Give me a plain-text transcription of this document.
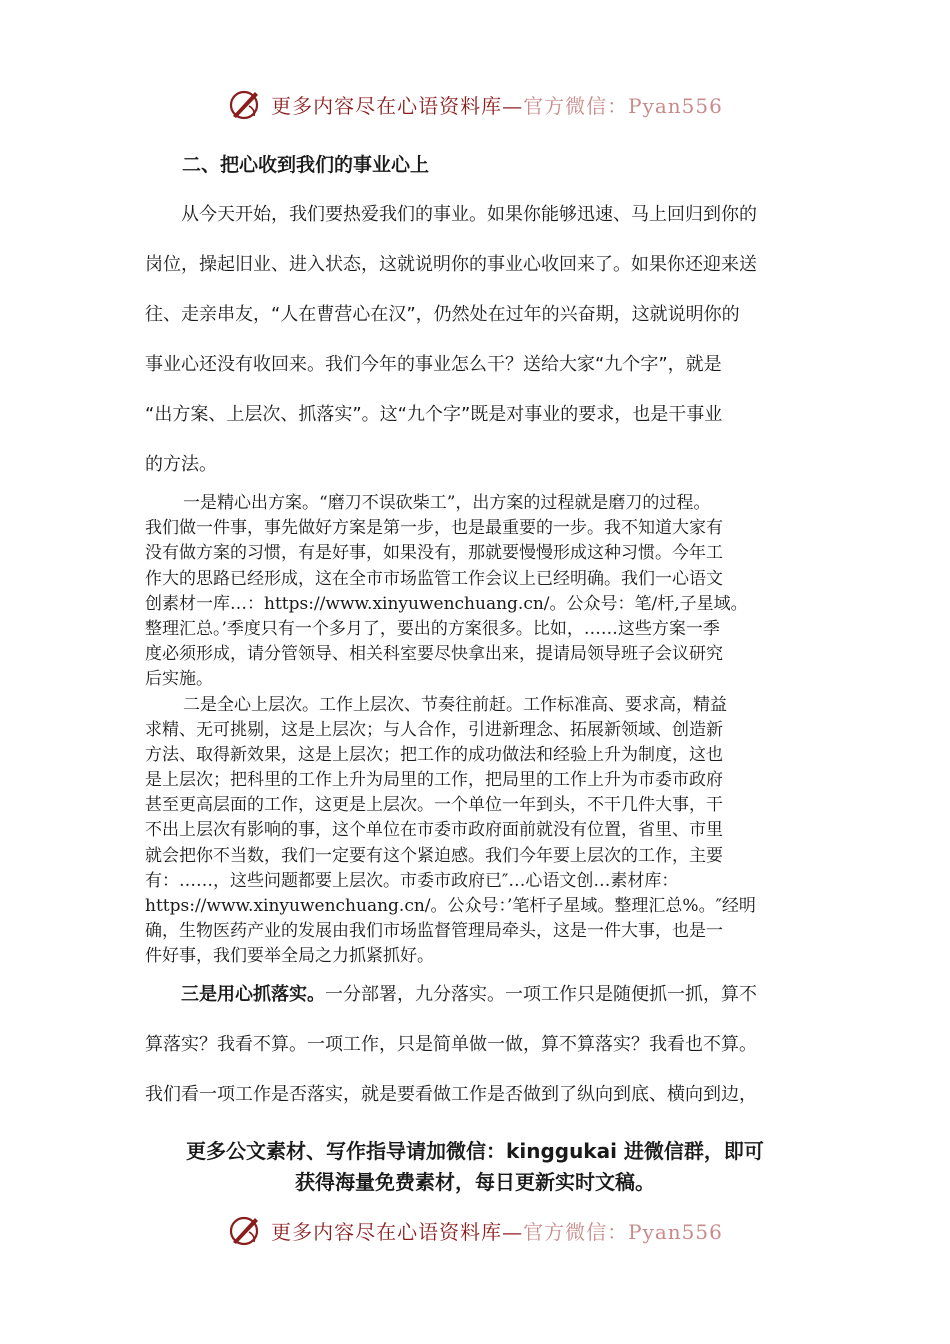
更多内容尽在心语资料库—官方微信：Pyan556
二、把心收到我们的事业心上
从今天开始，我们要热爱我们的事业。如果你能够迅速、马上回归到你的
岗位，操起旧业、进入状态，这就说明你的事业心收回来了。如果你还迎来送
往、走亲串友，“人在曹营心在汉”，仍然处在过年的兴奋期，这就说明你的
事业心还没有收回来。我们今年的事业怎么干？送给大家“九个字”，就是
“出方案、上层次、抓落实”。这“九个字”既是对事业的要求，也是干事业
的方法。
一是精心出方案。“磨刀不误砍柴工”，出方案的过程就是磨刀的过程。
我们做一件事，事先做好方案是第一步，也是最重要的一步。我不知道大家有
没有做方案的习惯，有是好事，如果没有，那就要慢慢形成这种习惯。今年工
作大的思路已经形成，这在全市市场监管工作会议上已经明确。我们一心语文
创素材一库…：https://www.xinyuwenchuang.cn/。公众号：笔/杆,子星域。
整理汇总。’季度只有一个多月了，要出的方案很多。比如，……这些方案一季
度必须形成，请分管领导、相关科室要尽快拿出来，提请局领导班子会议研究
后实施。
二是全心上层次。工作上层次、节奏往前赶。工作标准高、要求高，精益
求精、无可挑剔，这是上层次；与人合作，引进新理念、拓展新领域、创造新
方法、取得新效果，这是上层次；把工作的成功做法和经验上升为制度，这也
是上层次；把科里的工作上升为局里的工作，把局里的工作上升为市委市政府
甚至更高层面的工作，这更是上层次。一个单位一年到头，不干几件大事，干
不出上层次有影响的事，这个单位在市委市政府面前就没有位置，省里、市里
就会把你不当数，我们一定要有这个紧迫感。我们今年要上层次的工作，主要
有：……，这些问题都要上层次。市委市政府已″…心语文创…素材库：
https://www.xinyuwenchuang.cn/。公众号：’笔杆子星域。整理汇总%。″经明
确，生物医药产业的发展由我们市场监督管理局牵头，这是一件大事，也是一
件好事，我们要举全局之力抓紧抓好。
三是用心抓落实。一分部署，九分落实。一项工作只是随便抓一抓，算不
算落实？我看不算。一项工作，只是简单做一做，算不算落实？我看也不算。
我们看一项工作是否落实，就是要看做工作是否做到了纵向到底、横向到边，
更多公文素材、写作指导请加微信：kinggukai 进微信群，即可
获得海量免费素材，每日更新实时文稿。
更多内容尽在心语资料库—官方微信：Pyan556
